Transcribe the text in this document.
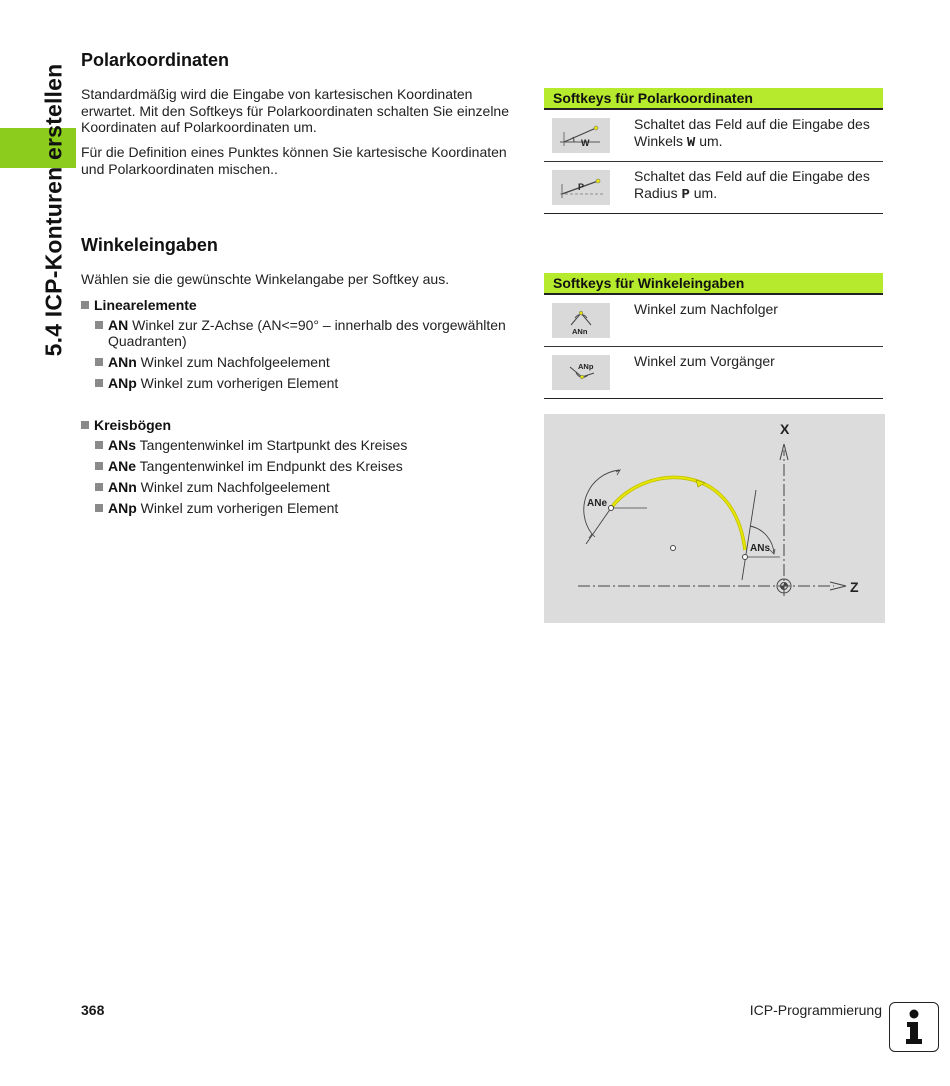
5.4 ICP-Konturen erstellen
Polarkoordinaten

Standardmäßig wird die Eingabe von kartesischen Koordinaten
erwartet. Mit den Softkeys für Polarkoordinaten schalten Sie einzelne
Koordinaten auf Polarkoordinaten um.

Für die Definition eines Punktes können Sie kartesische Koordinaten
und Polarkoordinaten mischen..

Softkeys für Polarkoordinaten
W
Schaltet das Feld auf die Eingabe des
Winkels W um.
P
Schaltet das Feld auf die Eingabe des
Radius P um.
Winkeleingaben

Wählen sie die gewünschte Winkelangabe per Softkey aus.

Linearelemente
AN Winkel zur Z-Achse (AN<=90° – innerhalb des vorgewählten
Quadranten)
ANn Winkel zum Nachfolgeelement
ANp Winkel zum vorherigen Element
Kreisbögen
ANs Tangentenwinkel im Startpunkt des Kreises
ANe Tangentenwinkel im Endpunkt des Kreises
ANn Winkel zum Nachfolgeelement
ANp Winkel zum vorherigen Element
Softkeys für Winkeleingaben
ANn
Winkel zum Nachfolger
ANp	Winkel zum Vorgänger
X
Z
ANe
ANs
368	ICP-Programmierung
